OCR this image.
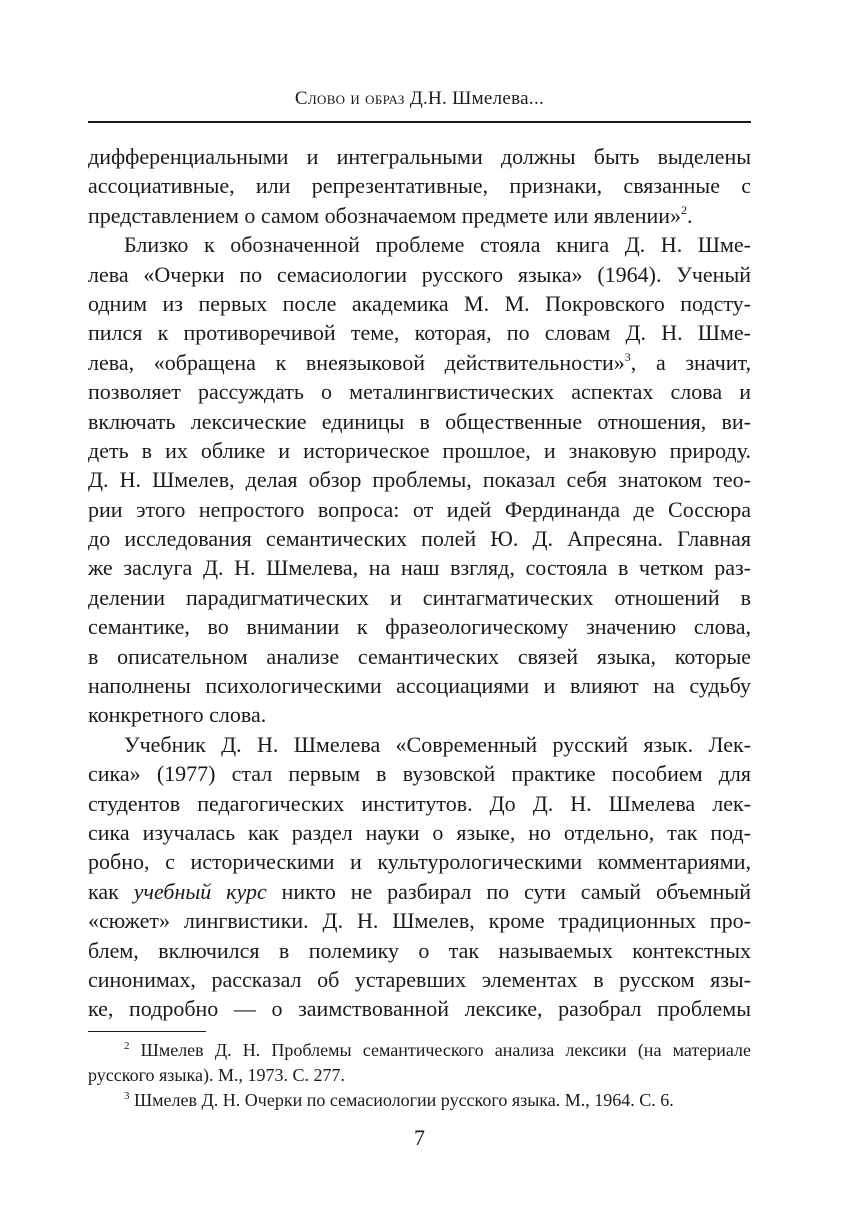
Слово и образ Д.Н. Шмелева...
дифференциальными и интегральными должны быть выделены
ассоциативные, или репрезентативные, признаки, связанные с
представлением о самом обозначаемом предмете или явлении»$^2$.
Близко к обозначенной проблеме стояла книга Д. Н. Шме-
лева «Очерки по семасиологии русского языка» (1964). Ученый
одним из первых после академика М. М. Покровского подсту-
пился к противоречивой теме, которая, по словам Д. Н. Шме-
лева, «обращена к внеязыковой действительности»$^3$, а значит,
позволяет рассуждать о металингвистических аспектах слова и
включать лексические единицы в общественные отношения, ви-
деть в их облике и историческое прошлое, и знаковую природу.
Д. Н. Шмелев, делая обзор проблемы, показал себя знатоком тео-
рии этого непростого вопроса: от идей Фердинанда де Соссюра
до исследования семантических полей Ю. Д. Апресяна. Главная
же заслуга Д. Н. Шмелева, на наш взгляд, состояла в четком раз-
делении парадигматических и синтагматических отношений в
семантике, во внимании к фразеологическому значению слова,
в описательном анализе семантических связей языка, которые
наполнены психологическими ассоциациями и влияют на судьбу
конкретного слова.
Учебник Д. Н. Шмелева «Современный русский язык. Лек-
сика» (1977) стал первым в вузовской практике пособием для
студентов педагогических институтов. До Д. Н. Шмелева лек-
сика изучалась как раздел науки о языке, но отдельно, так под-
робно, с историческими и культурологическими комментариями,
как учебный курс никто не разбирал по сути самый объемный
«сюжет» лингвистики. Д. Н. Шмелев, кроме традиционных про-
блем, включился в полемику о так называемых контекстных
синонимах, рассказал об устаревших элементах в русском язы-
ке, подробно — о заимствованной лексике, разобрал проблемы
$^2$ Шмелев Д. Н. Проблемы семантического анализа лексики (на материале
русского языка). М., 1973. С. 277.
$^3$ Шмелев Д. Н. Очерки по семасиологии русского языка. М., 1964. С. 6.
7
